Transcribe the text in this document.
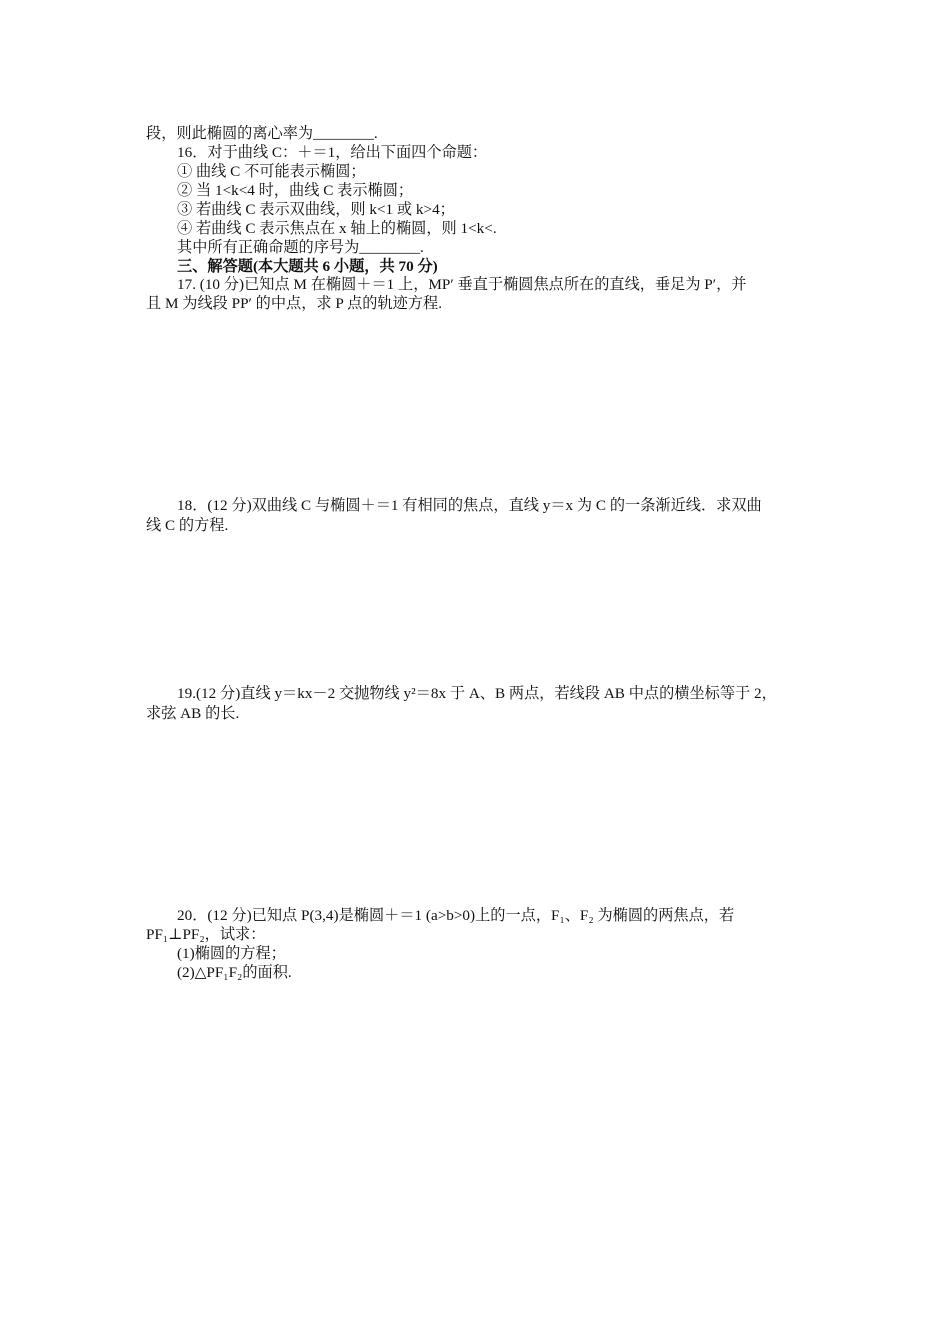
段，则此椭圆的离心率为________.
16．对于曲线 C：＋＝1，给出下面四个命题：
① 曲线 C 不可能表示椭圆；
② 当 1<k<4 时，曲线 C 表示椭圆；
③ 若曲线 C 表示双曲线，则 k<1 或 k>4；
④ 若曲线 C 表示焦点在 x 轴上的椭圆，则 1<k<.
其中所有正确命题的序号为________.
三、解答题(本大题共 6 小题，共 70 分)
17. (10 分)已知点 M 在椭圆＋＝1 上，MP′ 垂直于椭圆焦点所在的直线，垂足为 P′，并
且 M 为线段 PP′ 的中点，求 P 点的轨迹方程.
18．(12 分)双曲线 C 与椭圆＋＝1 有相同的焦点，直线 y＝x 为 C 的一条渐近线．求双曲
线 C 的方程.
19.(12 分)直线 y＝kx－2 交抛物线 y²＝8x 于 A、B 两点，若线段 AB 中点的横坐标等于 2，
求弦 AB 的长.
20．(12 分)已知点 P(3,4)是椭圆＋＝1 (a>b>0)上的一点，F₁、F₂ 为椭圆的两焦点，若
PF₁⊥PF₂，试求：
(1)椭圆的方程；
(2)△PF₁F₂的面积.
